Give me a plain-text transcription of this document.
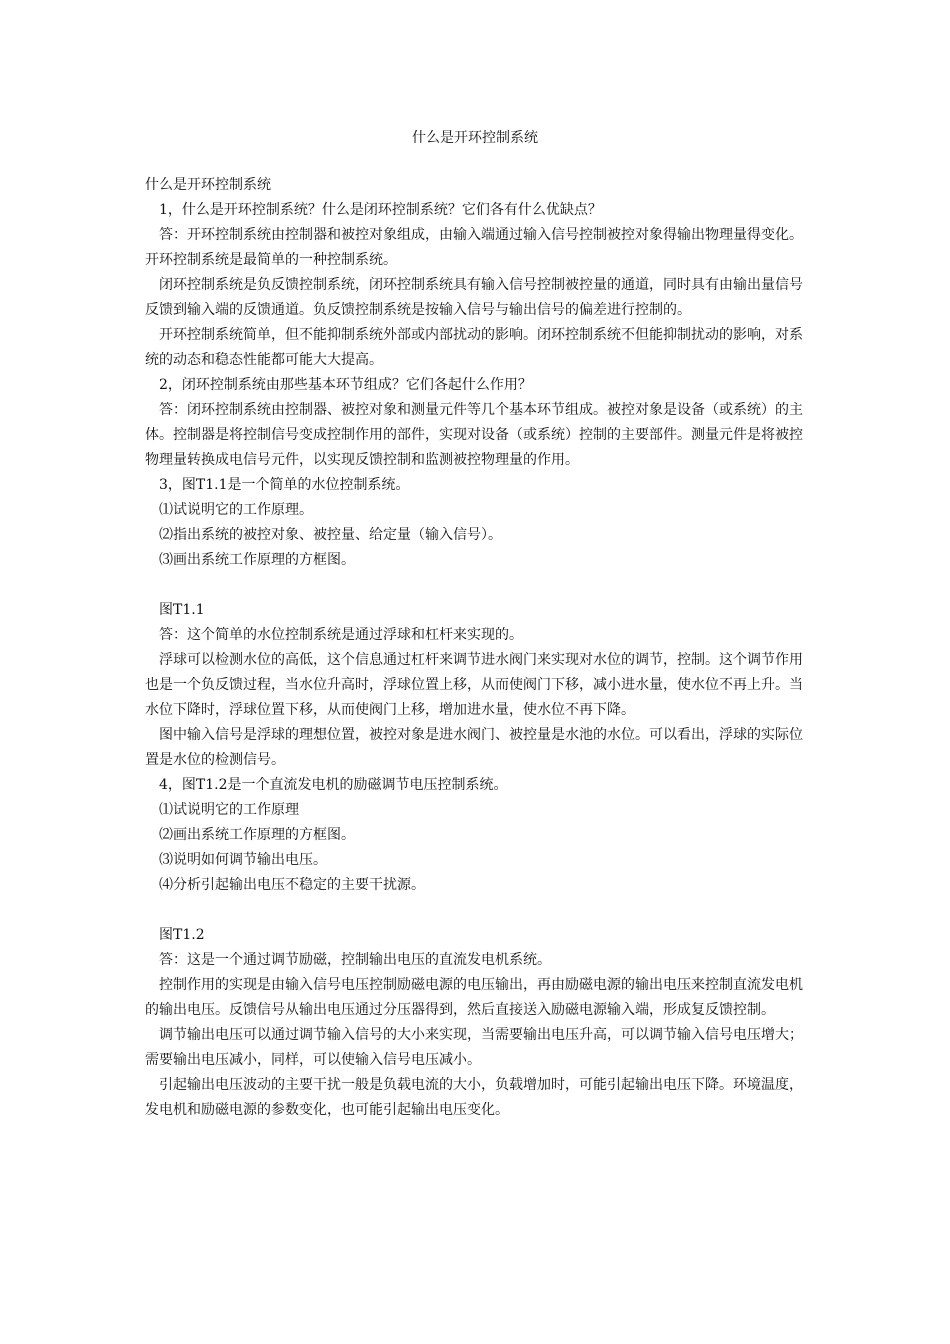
什么是开环控制系统

什么是开环控制系统

1，什么是开环控制系统？什么是闭环控制系统？它们各有什么优缺点？

答：开环控制系统由控制器和被控对象组成，由输入端通过输入信号控制被控对象得输出物理量得变化。开环控制系统是最简单的一种控制系统。

闭环控制系统是负反馈控制系统，闭环控制系统具有输入信号控制被控量的通道，同时具有由输出量信号反馈到输入端的反馈通道。负反馈控制系统是按输入信号与输出信号的偏差进行控制的。

开环控制系统简单，但不能抑制系统外部或内部扰动的影响。闭环控制系统不但能抑制扰动的影响，对系统的动态和稳态性能都可能大大提高。

2，闭环控制系统由那些基本环节组成？它们各起什么作用？

答：闭环控制系统由控制器、被控对象和测量元件等几个基本环节组成。被控对象是设备（或系统）的主体。控制器是将控制信号变成控制作用的部件，实现对设备（或系统）控制的主要部件。测量元件是将被控物理量转换成电信号元件，以实现反馈控制和监测被控物理量的作用。

3，图T1.1是一个简单的水位控制系统。

⑴试说明它的工作原理。

⑵指出系统的被控对象、被控量、给定量（输入信号）。

⑶画出系统工作原理的方框图。

图T1.1

答：这个简单的水位控制系统是通过浮球和杠杆来实现的。

浮球可以检测水位的高低，这个信息通过杠杆来调节进水阀门来实现对水位的调节，控制。这个调节作用也是一个负反馈过程，当水位升高时，浮球位置上移，从而使阀门下移，减小进水量，使水位不再上升。当水位下降时，浮球位置下移，从而使阀门上移，增加进水量，使水位不再下降。

图中输入信号是浮球的理想位置，被控对象是进水阀门、被控量是水池的水位。可以看出，浮球的实际位置是水位的检测信号。

4，图T1.2是一个直流发电机的励磁调节电压控制系统。

⑴试说明它的工作原理

⑵画出系统工作原理的方框图。

⑶说明如何调节输出电压。

⑷分析引起输出电压不稳定的主要干扰源。

图T1.2

答：这是一个通过调节励磁，控制输出电压的直流发电机系统。

控制作用的实现是由输入信号电压控制励磁电源的电压输出，再由励磁电源的输出电压来控制直流发电机的输出电压。反馈信号从输出电压通过分压器得到，然后直接送入励磁电源输入端，形成复反馈控制。

调节输出电压可以通过调节输入信号的大小来实现，当需要输出电压升高，可以调节输入信号电压增大；需要输出电压减小，同样，可以使输入信号电压减小。

引起输出电压波动的主要干扰一般是负载电流的大小，负载增加时，可能引起输出电压下降。环境温度，发电机和励磁电源的参数变化，也可能引起输出电压变化。
